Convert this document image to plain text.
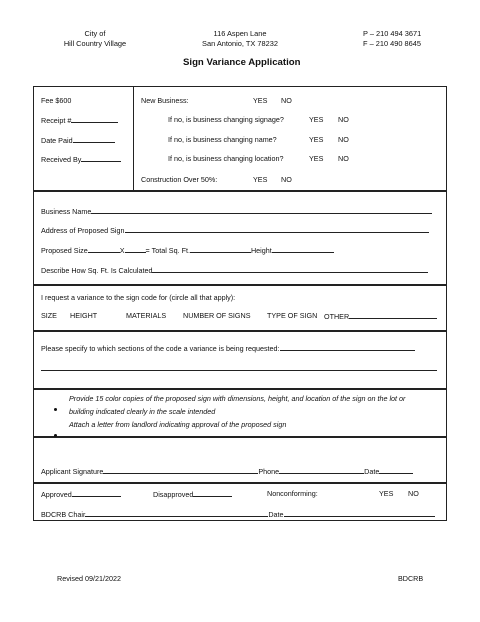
City of
Hill Country Village
116 Aspen Lane
San Antonio, TX 78232
P – 210 494 3671
F – 210 490 8645
Sign Variance Application
Fee $600
Receipt #
Date Paid
Received By
New Business:	YES NO
If no, is business changing signage?	YES NO
If no, is business changing name?	YES NO
If no, is business changing location?	YES NO
Construction Over 50%:	YES NO
Business Name
Address of Proposed Sign
Proposed Size	X	= Total Sq. Ft.	Height
Describe How Sq. Ft. Is Calculated
I request a variance to the sign code for (circle all that apply):
SIZE HEIGHT	MATERIALS NUMBER OF SIGNS TYPE OF SIGN OTHER
Please specify to which sections of the code a variance is being requested:
Provide 15 color copies of the proposed sign with dimensions, height, and location of the sign on the lot or
building indicated clearly in the scale intended
Attach a letter from landlord indicating approval of the proposed sign
Applicant Signature	Phone	Date
Approved	Disapproved	Nonconforming:	YES NO
BDCRB Chair	Date
Revised 09/21/2022	BDCRB
